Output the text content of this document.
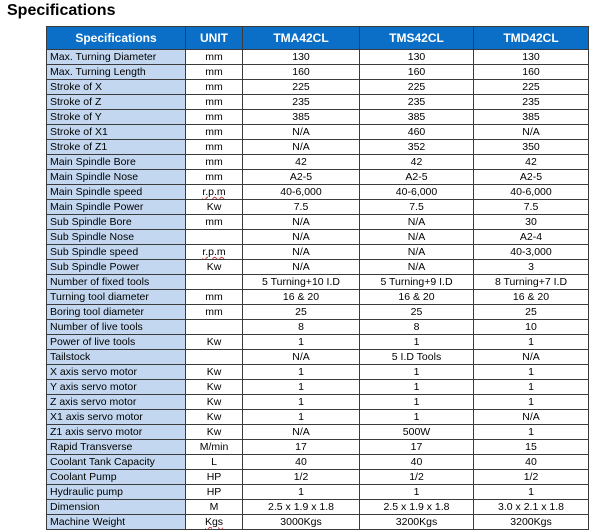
Specifications
Specifications	UNIT	TMA42CL	TMS42CL	TMD42CL
Max. Turning Diameter	mm	130	130	130
Max. Turning Length	mm	160	160	160
Stroke of X	mm	225	225	225
Stroke of Z	mm	235	235	235
Stroke of Y	mm	385	385	385
Stroke of X1	mm	N/A	460	N/A
Stroke of Z1	mm	N/A	352	350
Main Spindle Bore	mm	42	42	42
Main Spindle Nose	mm	A2-5	A2-5	A2-5
Main Spindle speed	r.p.m	40-6,000	40-6,000	40-6,000
Main Spindle Power	Kw	7.5	7.5	7.5
Sub Spindle Bore	mm	N/A	N/A	30
Sub Spindle Nose		N/A	N/A	A2-4
Sub Spindle speed	r.p.m	N/A	N/A	40-3,000
Sub Spindle Power	Kw	N/A	N/A	3
Number of fixed tools		5 Turning+10 I.D	5 Turning+9 I.D	8 Turning+7 I.D
Turning tool diameter	mm	16 & 20	16 & 20	16 & 20
Boring tool diameter	mm	25	25	25
Number of live tools		8	8	10
Power of live tools	Kw	1	1	1
Tailstock		N/A	5 I.D Tools	N/A
X axis servo motor	Kw	1	1	1
Y axis servo motor	Kw	1	1	1
Z axis servo motor	Kw	1	1	1
X1 axis servo motor	Kw	1	1	N/A
Z1 axis servo motor	Kw	N/A	500W	1
Rapid Transverse	M/min	17	17	15
Coolant Tank Capacity	L	40	40	40
Coolant Pump	HP	1/2	1/2	1/2
Hydraulic pump	HP	1	1	1
Dimension	M	2.5 x 1.9 x 1.8	2.5 x 1.9 x 1.8	3.0 x 2.1 x 1.8
Machine Weight	Kgs	3000Kgs	3200Kgs	3200Kgs
